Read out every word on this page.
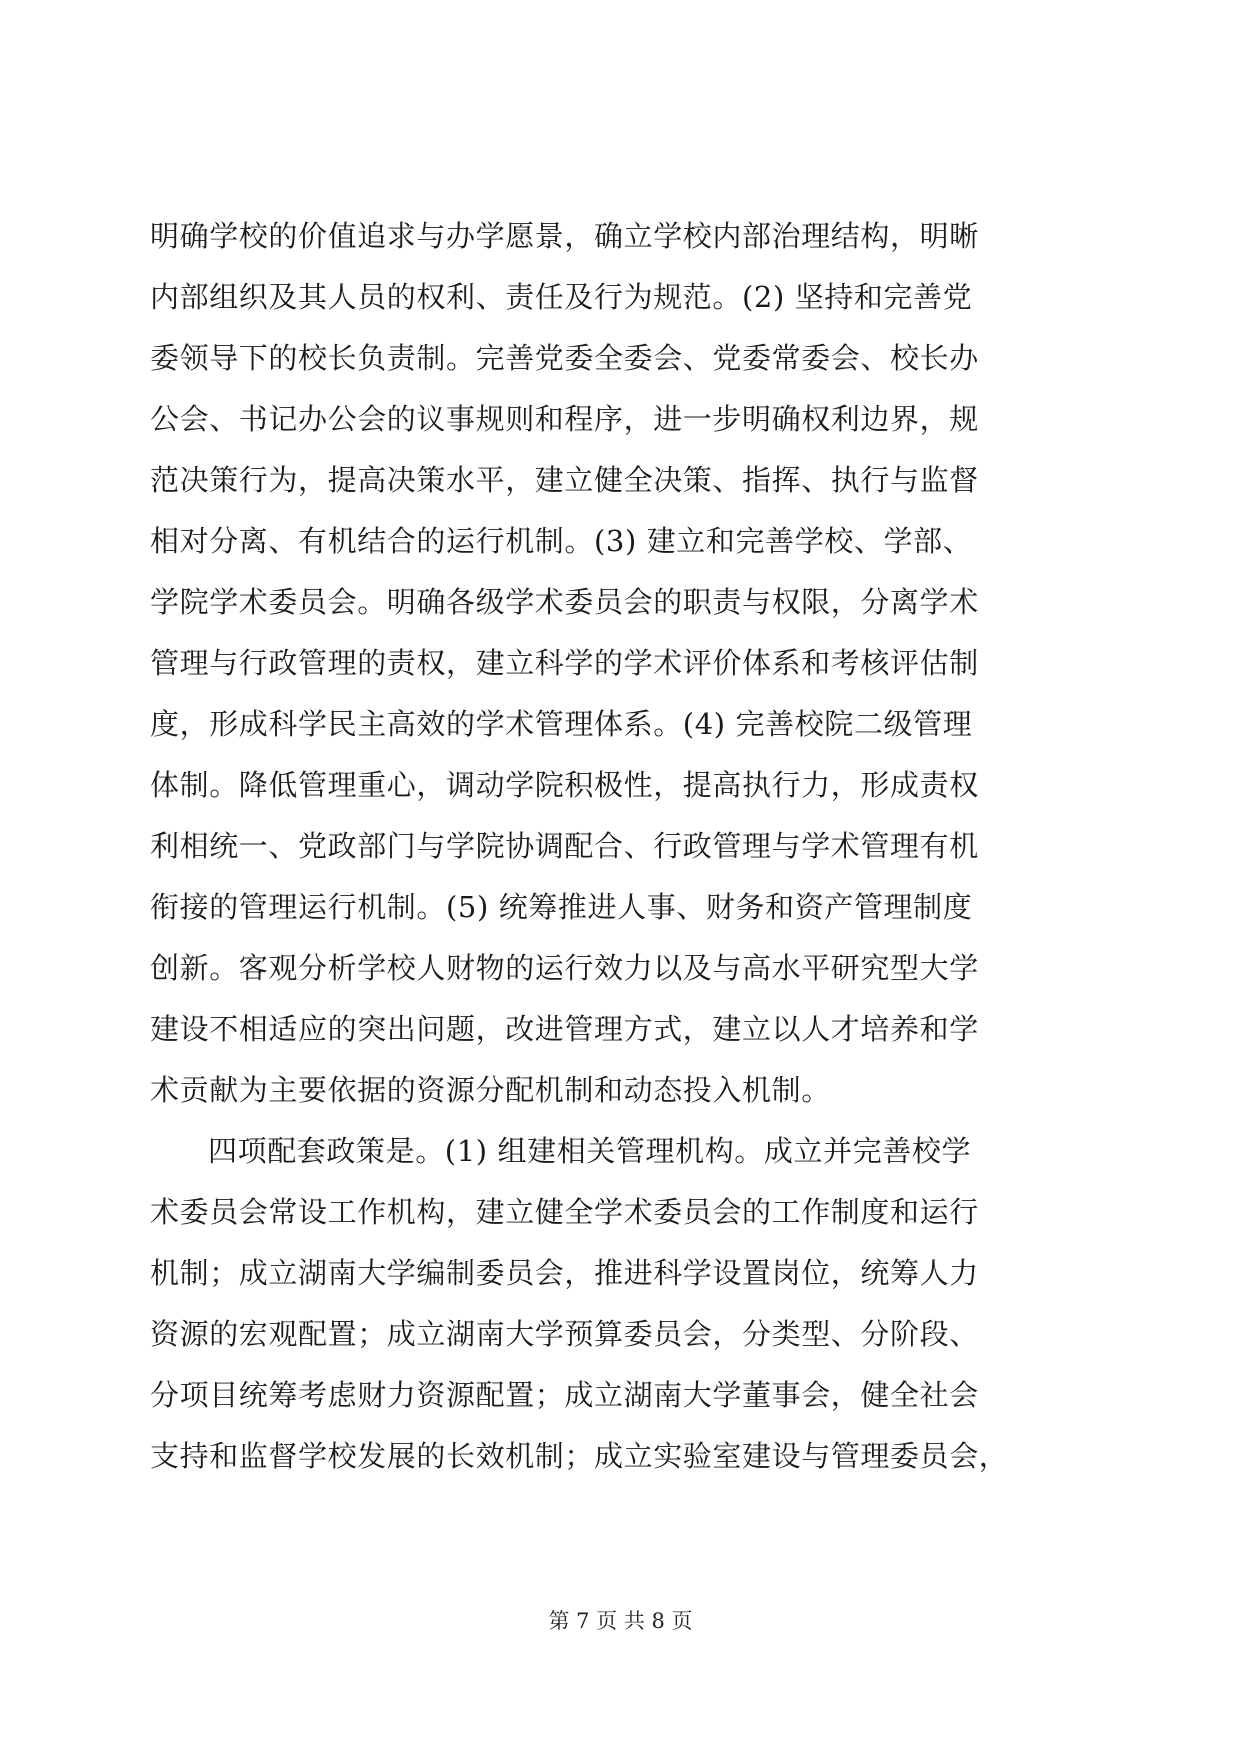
明确学校的价值追求与办学愿景，确立学校内部治理结构，明晰
内部组织及其人员的权利、责任及行为规范。(2) 坚持和完善党
委领导下的校长负责制。完善党委全委会、党委常委会、校长办
公会、书记办公会的议事规则和程序，进一步明确权利边界，规
范决策行为，提高决策水平，建立健全决策、指挥、执行与监督
相对分离、有机结合的运行机制。(3) 建立和完善学校、学部、
学院学术委员会。明确各级学术委员会的职责与权限，分离学术
管理与行政管理的责权，建立科学的学术评价体系和考核评估制
度，形成科学民主高效的学术管理体系。(4) 完善校院二级管理
体制。降低管理重心，调动学院积极性，提高执行力，形成责权
利相统一、党政部门与学院协调配合、行政管理与学术管理有机
衔接的管理运行机制。(5) 统筹推进人事、财务和资产管理制度
创新。客观分析学校人财物的运行效力以及与高水平研究型大学
建设不相适应的突出问题，改进管理方式，建立以人才培养和学
术贡献为主要依据的资源分配机制和动态投入机制。
四项配套政策是。(1) 组建相关管理机构。成立并完善校学
术委员会常设工作机构，建立健全学术委员会的工作制度和运行
机制；成立湖南大学编制委员会，推进科学设置岗位，统筹人力
资源的宏观配置；成立湖南大学预算委员会，分类型、分阶段、
分项目统筹考虑财力资源配置；成立湖南大学董事会，健全社会
支持和监督学校发展的长效机制；成立实验室建设与管理委员会，
第 7 页 共 8 页
